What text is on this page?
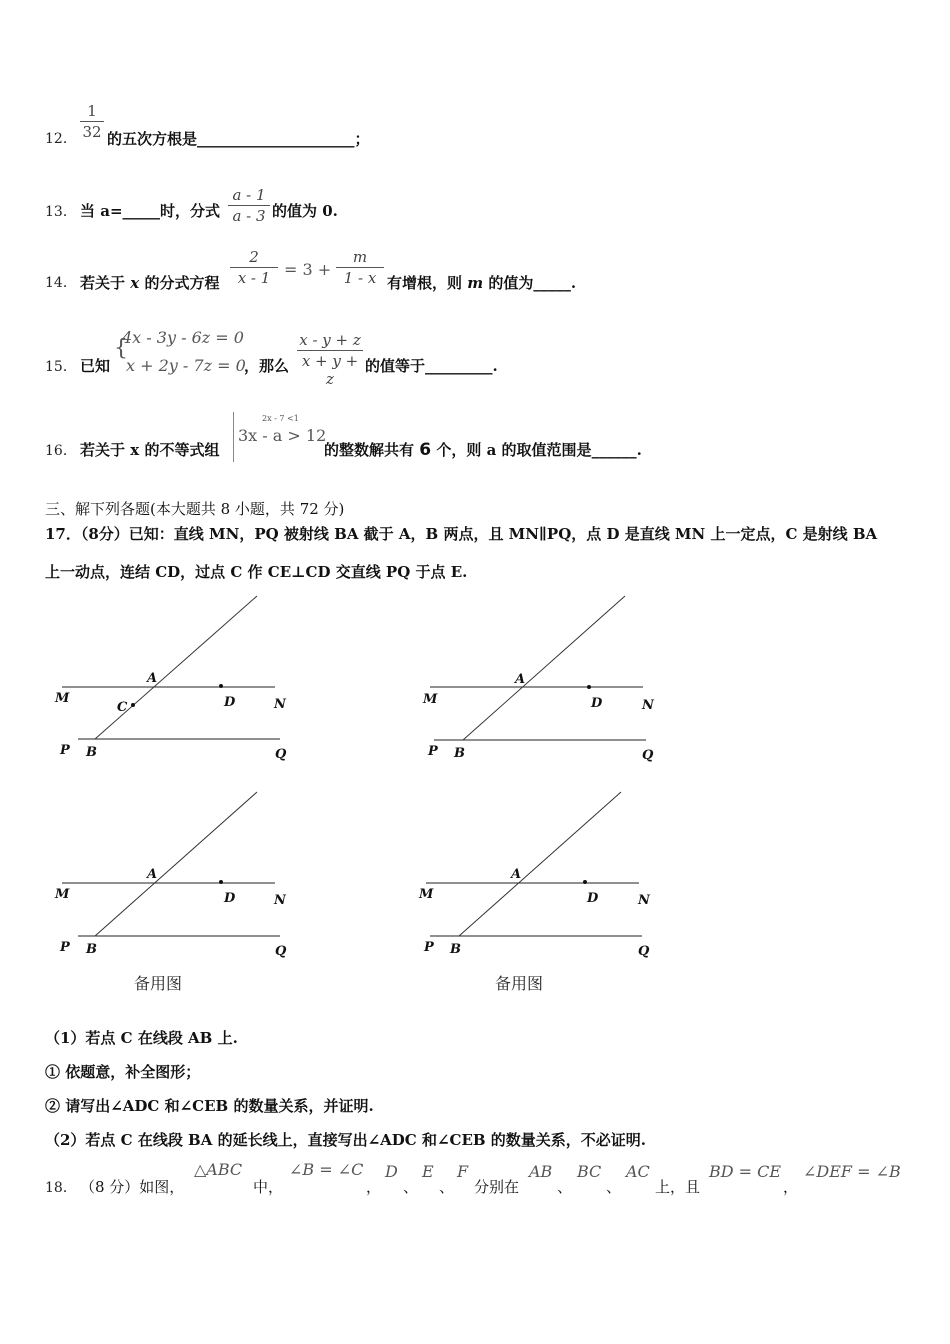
12．
1
32 的五次方根是_____________________；
13． 当 a=_____时，分式
a - 1
a - 3 的值为 0.
14． 若关于 x 的分式方程
2
x - 1 = 3 +
m
1 - x 有增根，则 m 的值为_____.
15． 已知
{
4x - 3y - 6z = 0
x + 2y - 7z = 0
，那么
x - y + z
x + y + z
的值等于_________.
16． 若关于 x 的不等式组
2x - 7 <1
3x - a > 12
的整数解共有 6 个，则 a 的取值范围是______.
三、解下列各题(本大题共 8 小题，共 72 分)
17．（8分）已知：直线 MN，PQ 被射线 BA 截于 A，B 两点，且 MN∥PQ，点 D 是直线 MN 上一定点，C 是射线 BA
上一动点，连结 CD，过点 C 作 CE⊥CD 交直线 PQ 于点 E.
M	N
P B	Q
A
D
C
M	N
P B	Q
A
D
M	N
P B	Q
A
D	M	N
P B	Q
A
D
备用图	备用图
（1）若点 C 在线段 AB 上.
① 依题意，补全图形；
② 请写出∠ADC 和∠CEB 的数量关系，并证明.
（2）若点 C 在线段 BA 的延长线上，直接写出∠ADC 和∠CEB 的数量关系，不必证明.
18． （8 分）如图，
△ABC
中，
∠B = ∠C
，
D
、
E
、
F
分别在
AB
、
BC
、
AC
上，且
BD = CE
，
∠DEF = ∠B
